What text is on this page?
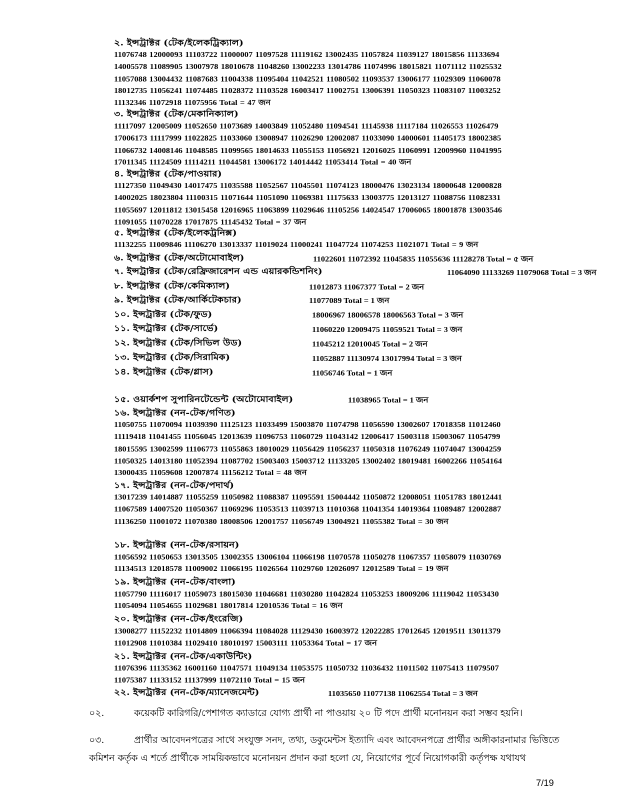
২. ইন্সট্রাক্টর (টেক/ইলেকট্রিক্যাল)
11076748 12000093 11103722 11000007 11097528 11119162 13002435 11057824 11039127 18015856 11133694
14005578 11089905 13007978 18010678 11048260 13002233 13014786 11074996 18015821 11071112 11025532
11057088 13004432 11087683 11004338 11095404 11042521 11080502 11093537 13006177 11029309 11060078
18012735 11056241 11074485 11028372 11103528 16003417 11002751 13006391 11050323 11083107 11003252
11132346 11072918 11075956 Total = 47 জন
৩. ইন্সট্রাক্টর (টেক/মেকানিক্যাল)
11117097 12005009 11052650 11073689 14003849 11052480 11094541 11145938 11117184 11026553 11026479
17006173 11117999 11022825 11033060 13008947 11026290 12002087 11033090 14000601 11405173 18002385
11066732 14008146 11048585 11099565 18014633 11055153 11056921 12016025 11060991 12009960 11041995
17011345 11124509 11114211 11044581 13006172 14014442 11053414 Total = 40 জন
৪. ইন্সট্রাক্টর (টেক/পাওয়ার)
11127350 11049430 14017475 11035588 11052567 11045501 11074123 18000476 13023134 18000648 12000828
14002025 18023804 11100315 11071644 11051090 11069381 11175633 13003775 12013127 11088756 11082331
11055697 12011812 13015458 12016965 11063899 11029646 11105256 14024547 17006065 18001878 13003546
11091055 11070228 17017875 11145432 Total = 37 জন
৫. ইন্সট্রাক্টর (টেক/ইলেকট্রনিক্স)
11132255 11009846 11106270 13013337 11019024 11000241 11047724 11074253 11021071 Total = 9 জন
৬. ইন্সট্রাক্টর (টেক/অটোমোবাইল)	11022601 11072392 11045835 11055636 11128278 Total = ৫ জন
৭. ইন্সট্রাক্টর (টেক/রেফ্রিজারেশন এন্ড এয়ারকন্ডিশনিং)	11064090 11133269 11079068 Total = 3 জন
৮. ইন্সট্রাক্টর (টেক/কেমিক্যাল)	11012873 11067377 Total = 2 জন
৯. ইন্সট্রাক্টর (টেক/আর্কিটেকচার)	11077089 Total = 1 জন
১০. ইন্সট্রাক্টর (টেক/ফুড)	18006967 18006578 18006563 Total = 3 জন
১১. ইন্সট্রাক্টর (টেক/সার্ভে)	11060220 12009475 11059521 Total = 3 জন
১২. ইন্সট্রাক্টর (টেক/সিভিল উড)	11045212 12010045 Total = 2 জন
১৩. ইন্সট্রাক্টর (টেক/সিরামিক)	11052887 11130974 13017994 Total = 3 জন
১৪. ইন্সট্রাক্টর (টেক/গ্লাস)	11056746 Total = 1 জন
১৫. ওয়ার্কশপ সুপারিনটেন্ডেন্ট (অটোমোবাইল)	11038965 Total = 1 জন
১৬. ইন্সট্রাক্টর (নন-টেক/গণিত)
11050755 11070094 11039390 11125123 11033499 15003870 11074798 11056590 13002607 17018358 11012460
11119418 11041455 11056045 12013639 11096753 11060729 11043142 12006417 15003118 15003067 11054799
18015595 13002599 11106773 11055863 18010029 11056429 11056237 11050318 11076249 11074047 13004259
11050325 14013180 11052394 11087702 15003403 15003712 11133205 13002402 18019481 16002266 11054164
13000435 11059608 12007874 11156212 Total = 48 জন
১৭. ইন্সট্রাক্টর (নন-টেক/পদার্থ)
13017239 14014887 11055259 11050982 11088387 11095591 15004442 11050872 12008051 11051783 18012441
11067589 14007520 11050367 11069296 11053513 11039713 11010368 11041354 14019364 11089487 12002887
11136250 11001072 11070380 18008506 12001757 11056749 13004921 11055382 Total = 30 জন
১৮. ইন্সট্রাক্টর (নন-টেক/রসায়ন)
11056592 11050653 13013505 13002355 13006104 11066198 11070578 11050278 11067357 11058079 11030769
11134513 12018578 11009002 11066195 11026564 11029760 12026097 12012589 Total = 19 জন
১৯. ইন্সট্রাক্টর (নন-টেক/বাংলা)
11057790 11116017 11059073 18015030 11046681 11030280 11042824 11053253 18009206 11119042 11053430
11054094 11054655 11029681 18017814 12010536 Total = 16 জন
২০. ইন্সট্রাক্টর (নন-টেক/ইংরেজি)
13008277 11152232 11014809 11066394 11084028 11129430 16003972 12022285 17012645 12019511 13011379
11012908 11010384 11029410 18010197 15003111 11053364 Total = 17 জন
২১. ইন্সট্রাক্টর (নন-টেক/একাউন্টিং)
11076396 11135362 16001160 11047571 11049134 11053575 11050732 11036432 11011502 11075413 11079507
11075387 11133152 11137999 11072110 Total = 15 জন
২২. ইন্সট্রাক্টর (নন-টেক/ম্যানেজমেন্ট)	11035650 11077138 11062554 Total = 3 জন
০২.	কয়েকটি কারিগরি/পেশাগত ক্যাডারে যোগ্য প্রার্থী না পাওয়ায় ২০ টি পদে প্রার্থী মনোনয়ন করা সম্ভব হয়নি।
০৩.	প্রার্থীর আবেদনপত্রের সাথে সংযুক্ত সনদ, তথ্য, ডকুমেন্টস ইত্যাদি এবং আবেদনপত্রে প্রার্থীর অঙ্গীকারনামার ভিত্তিতে
কমিশন কর্তৃক এ শর্তে প্রার্থীকে সাময়িকভাবে মনোনয়ন প্রদান করা হলো যে, নিয়োগের পূর্বে নিয়োগকারী কর্তৃপক্ষ যথাযথ
7/19
